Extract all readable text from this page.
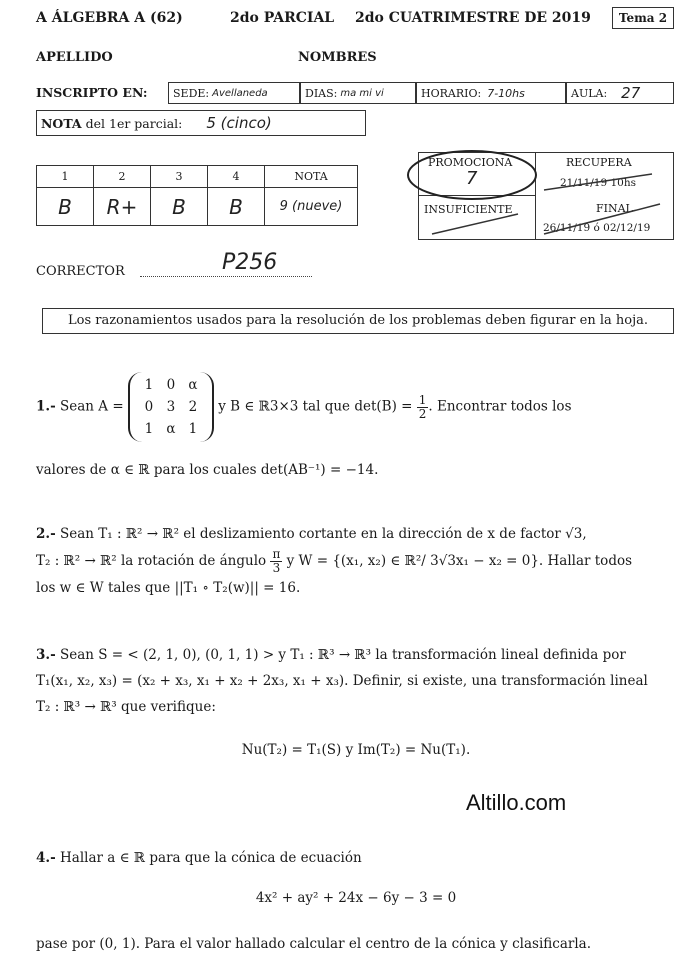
A ÁLGEBRA A (62)	2do PARCIAL 2do CUATRIMESTRE DE 2019	Tema 2
APELLIDO	NOMBRES
INSCRIPTO EN: SEDE: Avellaneda	DIAS: ma mi vi	HORARIO: 7-10hs	AULA: 27
NOTA del 1er parcial: 5 (cinco)
1	2	3	4	NOTA
B	R+	B	B	9 (nueve)
PROMOCIONA
7
RECUPERA
21/11/19 10hs
INSUFICIENTE	FINAL
26/11/19 ó 02/12/19
CORRECTOR	P256
Los razonamientos usados para la resolución de los problemas deben figurar en la hoja.
1.- Sean A = 1 0 α
0 3 2
1 α 1 y B ∈ ℝ3×3 tal que $\det(B) = \frac{1}{2}$. Encontrar todos los
valores de α ∈ ℝ para los cuales det(AB⁻¹) = −14.
2.- Sean T₁ : ℝ² → ℝ² el deslizamiento cortante en la dirección de x de factor √3,
T₂ : ℝ² → ℝ² la rotación de ángulo $\frac{\pi}{3}$ y W = {(x₁, x₂) ∈ ℝ²/ 3√3x₁ − x₂ = 0}. Hallar todos
los w ∈ W tales que ||T₁ ∘ T₂(w)|| = 16.
3.- Sean S = < (2, 1, 0), (0, 1, 1) > y T₁ : ℝ³ → ℝ³ la transformación lineal definida por
T₁(x₁, x₂, x₃) = (x₂ + x₃, x₁ + x₂ + 2x₃, x₁ + x₃). Definir, si existe, una transformación lineal
T₂ : ℝ³ → ℝ³ que verifique:
Nu(T₂) = T₁(S) y Im(T₂) = Nu(T₁).
Altillo.com
4.- Hallar a ∈ ℝ para que la cónica de ecuación
4x² + ay² + 24x − 6y − 3 = 0
pase por (0, 1). Para el valor hallado calcular el centro de la cónica y clasificarla.
